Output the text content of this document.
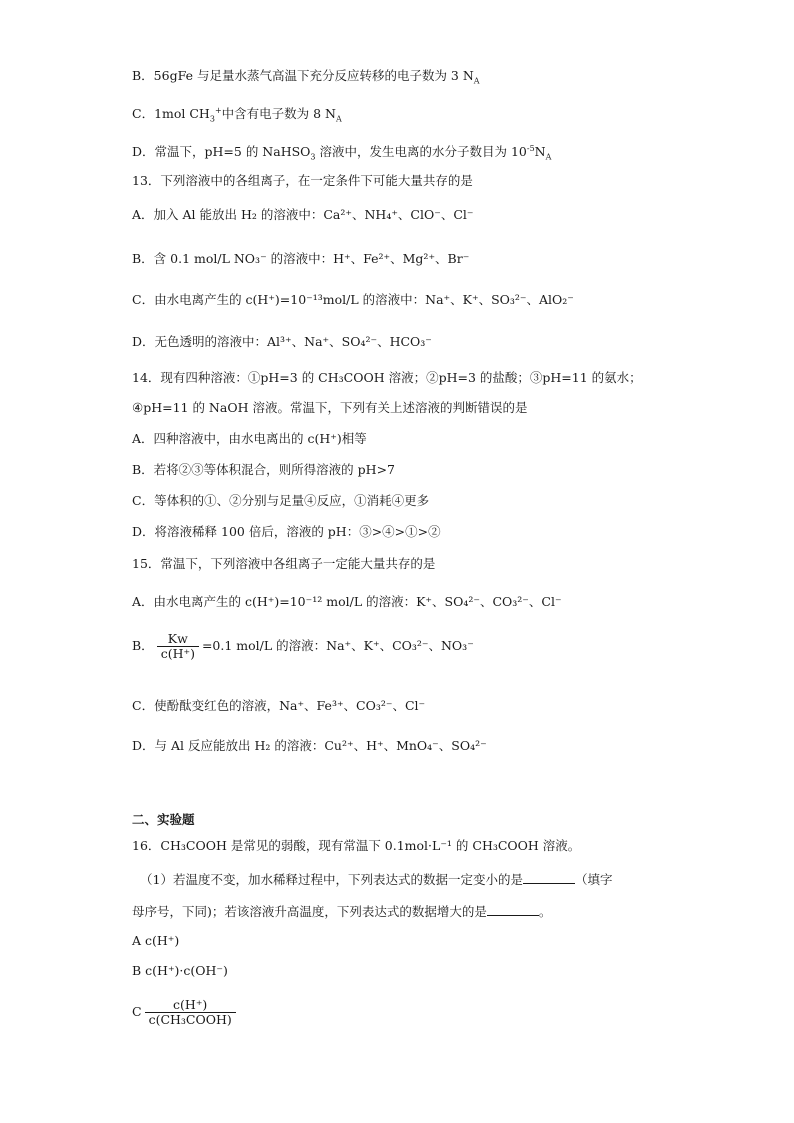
B．56gFe 与足量水蒸气高温下充分反应转移的电子数为 3 $N_A$
C．1mol $CH_3^+$中含有电子数为 8 $N_A$
D．常温下，pH=5 的 NaHSO$_3$ 溶液中，发生电离的水分子数目为 $10^{-5}N_A$
13．下列溶液中的各组离子，在一定条件下可能大量共存的是
A．加入 Al 能放出 H₂ 的溶液中：Ca²⁺、NH₄⁺、ClO⁻、Cl⁻
B．含 0.1 mol/L NO₃⁻ 的溶液中：H⁺、Fe²⁺、Mg²⁺、Br⁻
C．由水电离产生的 c(H⁺)=10⁻¹³mol/L 的溶液中：Na⁺、K⁺、SO₃²⁻、AlO₂⁻
D．无色透明的溶液中：Al³⁺、Na⁺、SO₄²⁻、HCO₃⁻
14．现有四种溶液：①pH=3 的 CH₃COOH 溶液；②pH=3 的盐酸；③pH=11 的氨水；
④pH=11 的 NaOH 溶液。常温下，下列有关上述溶液的判断错误的是
A．四种溶液中，由水电离出的 c(H⁺)相等
B．若将②③等体积混合，则所得溶液的 pH>7
C．等体积的①、②分别与足量④反应，①消耗④更多
D．将溶液稀释 100 倍后，溶液的 pH：③>④>①>②
15．常温下，下列溶液中各组离子一定能大量共存的是
A．由水电离产生的 c(H⁺)=10⁻¹² mol/L 的溶液：K⁺、SO₄²⁻、CO₃²⁻、Cl⁻
B． $\frac{Kw}{c(H^+)} =0.1$ mol/L 的溶液：Na⁺、K⁺、CO₃²⁻、NO₃⁻
C．使酚酞变红色的溶液，Na⁺、Fe³⁺、CO₃²⁻、Cl⁻
D．与 Al 反应能放出 H₂ 的溶液：Cu²⁺、H⁺、MnO₄⁻、SO₄²⁻
二、实验题
16．CH₃COOH 是常见的弱酸，现有常温下 0.1mol·L⁻¹ 的 CH₃COOH 溶液。
（1）若温度不变，加水稀释过程中，下列表达式的数据一定变小的是	（填字
母序号，下同)；若该溶液升高温度，下列表达式的数据增大的是	。
A c(H⁺)
B c(H⁺)·c(OH⁻)
C $\frac{c(H^+)}{\text{c(CH₃COOH)}}$
